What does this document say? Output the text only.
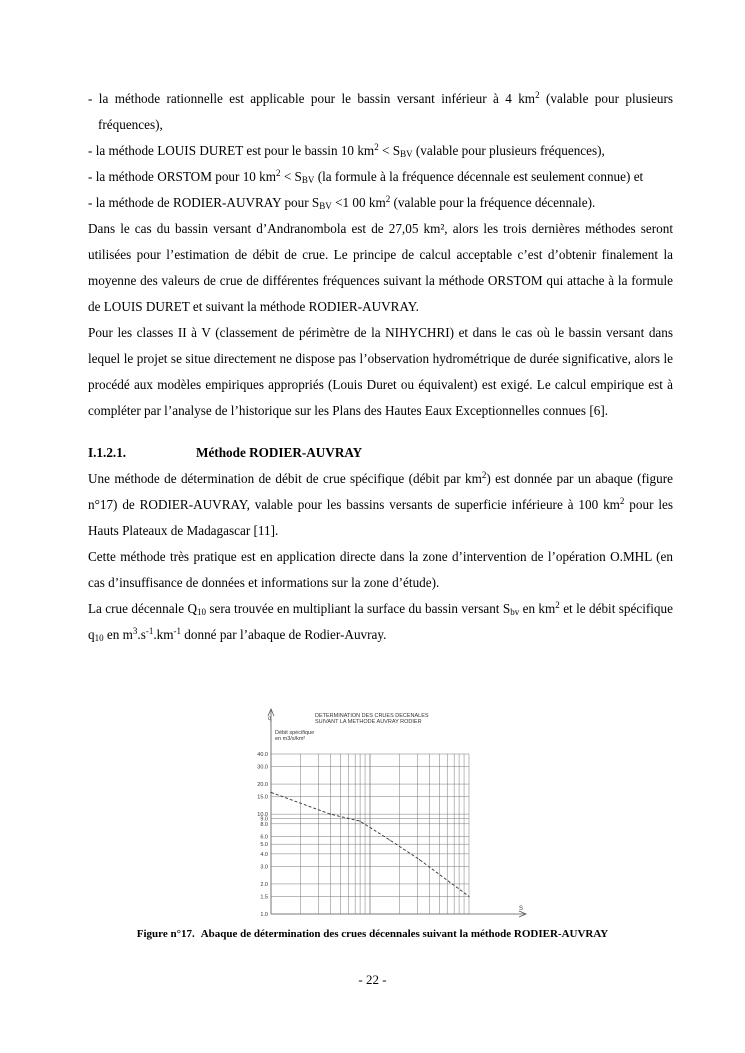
- la méthode rationnelle est applicable pour le bassin versant inférieur à 4 $km^2$ (valable pour plusieurs fréquences),

- la méthode LOUIS DURET est pour le bassin 10 $km^2 < S_{BV}$ (valable pour plusieurs fréquences),

- la méthode ORSTOM pour 10 $km^2 < S_{BV}$ (la formule à la fréquence décennale est seulement connue) et

- la méthode de RODIER-AUVRAY pour $S_{BV} <1$ 00 $km^2$ (valable pour la fréquence décennale).

Dans le cas du bassin versant d’Andranombola est de 27,05 km², alors les trois dernières méthodes seront utilisées pour l’estimation de débit de crue. Le principe de calcul acceptable c’est d’obtenir finalement la moyenne des valeurs de crue de différentes fréquences suivant la méthode ORSTOM qui attache à la formule de LOUIS DURET et suivant la méthode RODIER-AUVRAY.

Pour les classes II à V (classement de périmètre de la NIHYCHRI) et dans le cas où le bassin versant dans lequel le projet se situe directement ne dispose pas l’observation hydrométrique de durée significative, alors le procédé aux modèles empiriques appropriés (Louis Duret ou équivalent) est exigé. Le calcul empirique est à compléter par l’analyse de l’historique sur les Plans des Hautes Eaux Exceptionnelles connues [6].

I.1.2.1.	Méthode RODIER-AUVRAY

Une méthode de détermination de débit de crue spécifique (débit par $km^2$) est donnée par un abaque (figure n°17) de RODIER-AUVRAY, valable pour les bassins versants de superficie inférieure à 100 $km^2$ pour les Hauts Plateaux de Madagascar [11].

Cette méthode très pratique est en application directe dans la zone d’intervention de l’opération O.MHL (en cas d’insuffisance de données et informations sur la zone d’étude).

La crue décennale $Q_{10}$ sera trouvée en multipliant la surface du bassin versant $S_{bv}$ en $km^2$ et le débit spécifique $q_{10}$ en $m^3.s^{-1}.km^{-1}$ donné par l’abaque de Rodier-Auvray.

q
S
DETERMINATION DES CRUES DECENALES
SUIVANT LA METHODE AUVRAY RODIER
Débit spécifique
en m3/s/km²
1.0
1.5
2.0
3.0
4.0
5.0
6.0
8.0
9.0
10.0
15.0
20.0
30.0
40.0
Figure n°17. Abaque de détermination des crues décennales suivant la méthode RODIER-AUVRAY
- 22 -
